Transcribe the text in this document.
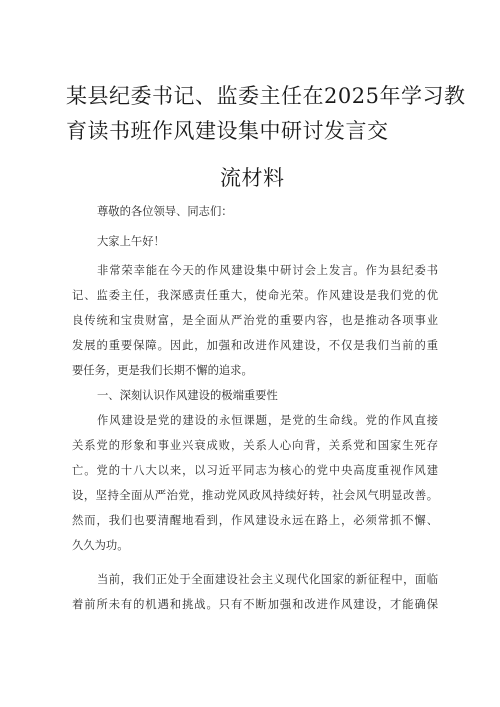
某县纪委书记、监委主任在2025年学习教
育读书班作风建设集中研讨发言交
流材料
尊敬的各位领导、同志们：
大家上午好！
非常荣幸能在今天的作风建设集中研讨会上发言。作为县纪委书
记、监委主任，我深感责任重大，使命光荣。作风建设是我们党的优
良传统和宝贵财富，是全面从严治党的重要内容，也是推动各项事业
发展的重要保障。因此，加强和改进作风建设，不仅是我们当前的重
要任务，更是我们长期不懈的追求。
一、深刻认识作风建设的极端重要性
作风建设是党的建设的永恒课题，是党的生命线。党的作风直接
关系党的形象和事业兴衰成败，关系人心向背，关系党和国家生死存
亡。党的十八大以来，以习近平同志为核心的党中央高度重视作风建
设，坚持全面从严治党，推动党风政风持续好转，社会风气明显改善。
然而，我们也要清醒地看到，作风建设永远在路上，必须常抓不懈、
久久为功。
当前，我们正处于全面建设社会主义现代化国家的新征程中，面临
着前所未有的机遇和挑战。只有不断加强和改进作风建设，才能确保
